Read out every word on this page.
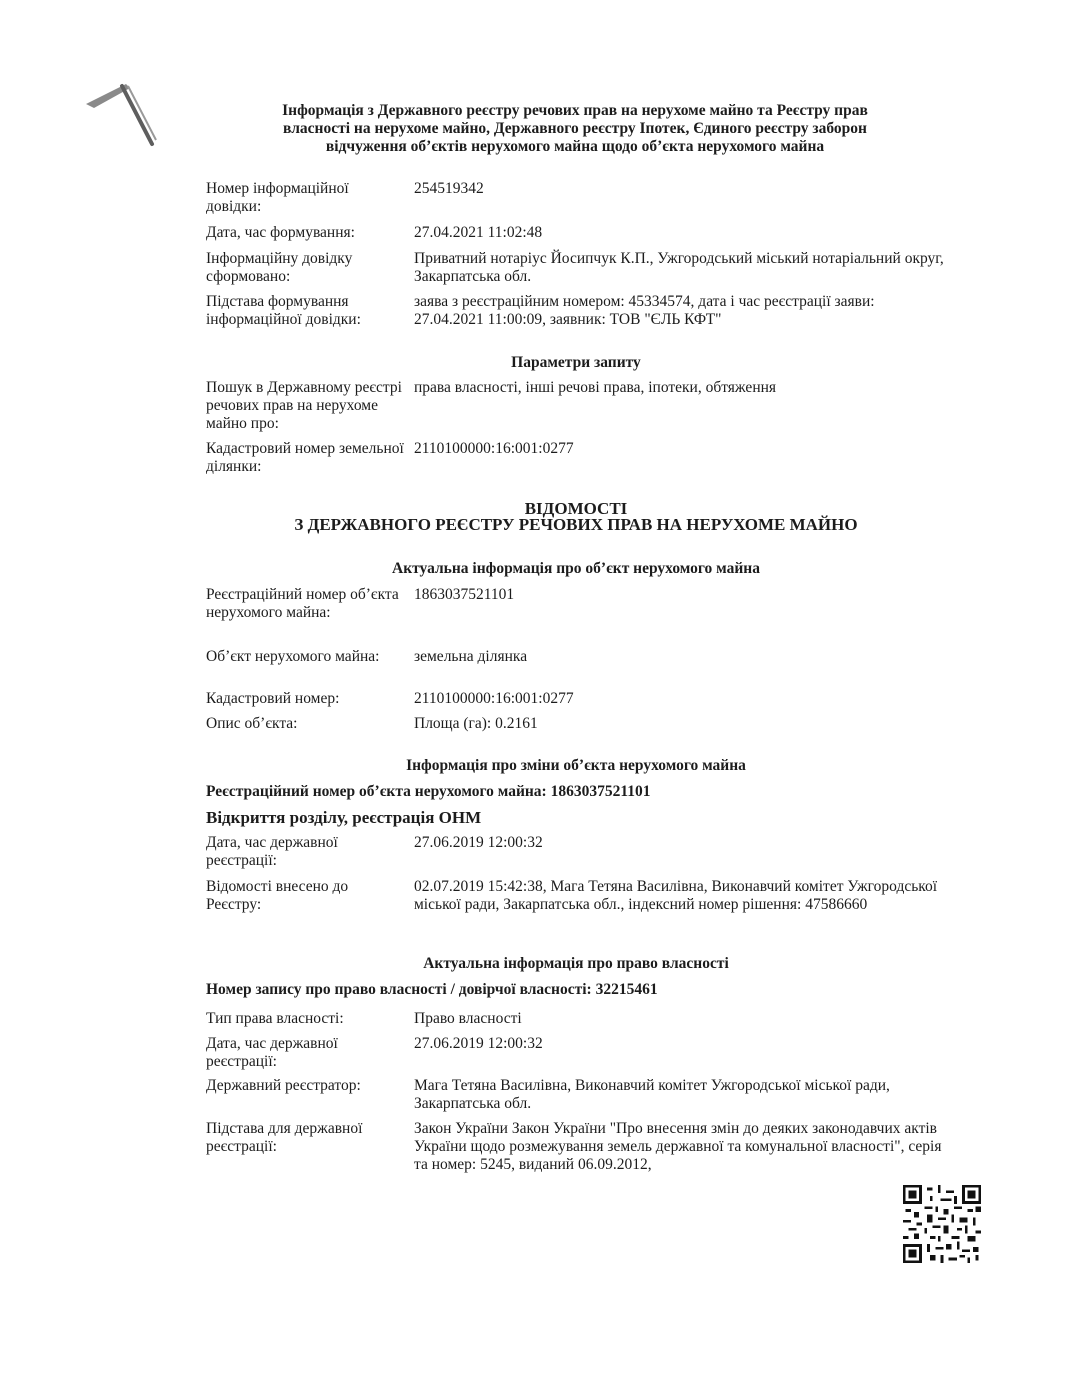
Інформація з Державного реєстру речових прав на нерухоме майно та Реєстру прав
власності на нерухоме майно, Державного реєстру Іпотек, Єдиного реєстру заборон
відчуження об’єктів нерухомого майна щодо об’єкта нерухомого майна
Номер інформаційної довідки:
254519342
Дата, час формування:	27.04.2021 11:02:48
Інформаційну довідку сформовано:
Приватний нотаріус Йосипчук К.П., Ужгородський міський нотаріальний округ, Закарпатська обл.
Підстава формування інформаційної довідки:
заява з реєстраційним номером: 45334574, дата і час реєстрації заяви: 27.04.2021 11:00:09, заявник: ТОВ "ЄЛЬ КФТ"
Параметри запиту
Пошук в Державному реєстрі речових прав на нерухоме майно про:
права власності, інші речові права, іпотеки, обтяження
Кадастровий номер земельної ділянки:
2110100000:16:001:0277
ВІДОМОСТІ
З ДЕРЖАВНОГО РЕЄСТРУ РЕЧОВИХ ПРАВ НА НЕРУХОМЕ МАЙНО
Актуальна інформація про об’єкт нерухомого майна
Реєстраційний номер об’єкта нерухомого майна:
1863037521101
Об’єкт нерухомого майна:	земельна ділянка
Кадастровий номер:	2110100000:16:001:0277
Опис об’єкта:	Площа (га): 0.2161
Інформація про зміни об’єкта нерухомого майна
Реєстраційний номер об’єкта нерухомого майна: 1863037521101
Відкриття розділу, реєстрація ОНМ
Дата, час державної реєстрації:
27.06.2019 12:00:32
Відомості внесено до Реєстру:
02.07.2019 15:42:38, Мага Тетяна Василівна, Виконавчий комітет Ужгородської міської ради, Закарпатська обл., індексний номер рішення: 47586660
Актуальна інформація про право власності
Номер запису про право власності / довірчої власності: 32215461
Тип права власності:	Право власності
Дата, час державної реєстрації:
27.06.2019 12:00:32
Державний реєстратор:	Мага Тетяна Василівна, Виконавчий комітет Ужгородської міської ради, Закарпатська обл.
Підстава для державної реєстрації:
Закон України Закон України "Про внесення змін до деяких законодавчих актів України щодо розмежування земель державної та комунальної власності", серія та номер: 5245, виданий 06.09.2012,
